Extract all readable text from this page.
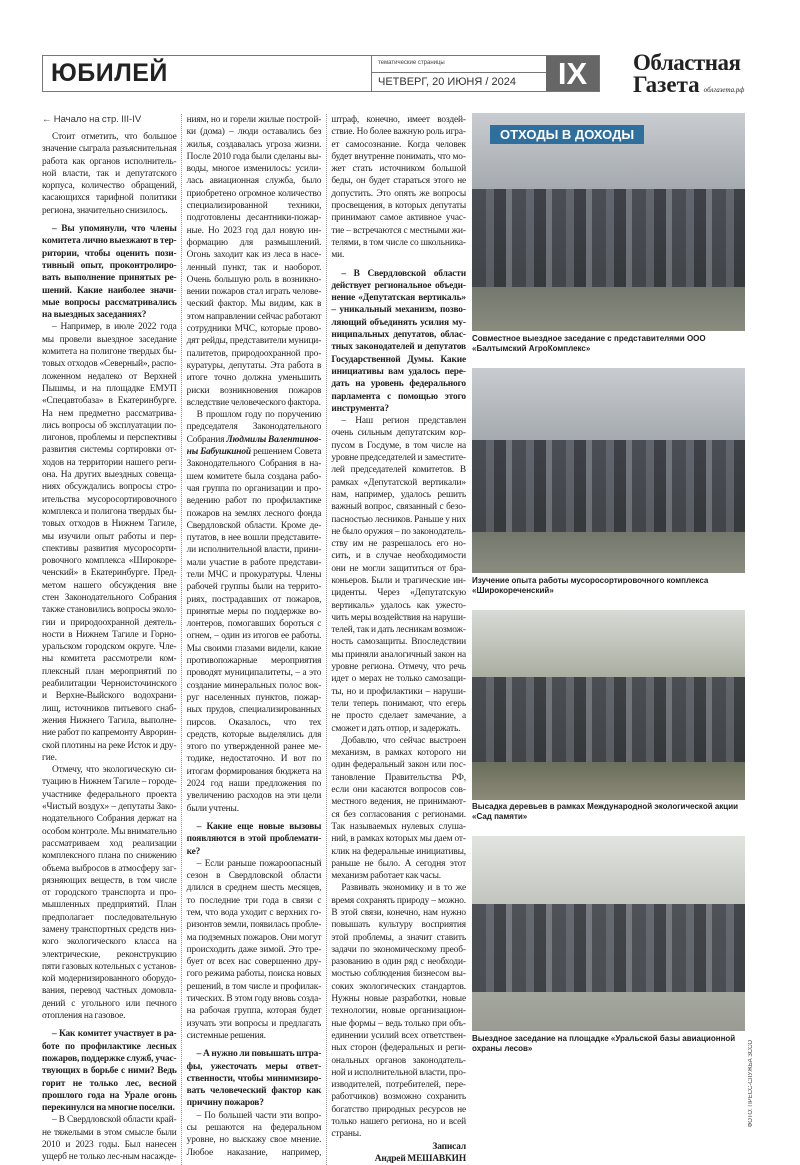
ЮБИЛЕЙ	тематические страницы
ЧЕТВЕРГ, 20 ИЮНЯ / 2024	IX	Областная
Газета облгазета.рф
← Начало на стр. III-IV

Стоит отметить, что большое значение сыграла разъяснительная работа как органов исполнительной власти, так и депутатского корпуса, количество обращений, касающихся тарифной политики региона, значительно снизилось.

– Вы упомянули, что члены комитета лично выезжают в территории, чтобы оценить позитивный опыт, проконтролировать выполнение принятых решений. Какие наиболее значимые вопросы рассматривались на выездных заседаниях?

– Например, в июле 2022 года мы провели выездное заседание комитета на полигоне твердых бытовых отходов «Северный», расположенном недалеко от Верхней Пышмы, и на площадке ЕМУП «Спецавтобаза» в Екатеринбурге. На нем предметно рассматривались вопросы об эксплуатации полигонов, проблемы и перспективы развития системы сортировки отходов на территории нашего региона. На других выездных совещаниях обсуждались вопросы строительства мусоросортировочного комплекса и полигона твердых бытовых отходов в Нижнем Тагиле, мы изучили опыт работы и перспективы развития мусоросортировочного комплекса «Широкореченский» в Екатеринбурге. Предметом нашего обсуждения вне стен Законодательного Собрания также становились вопросы экологии и природоохранной деятельности в Нижнем Тагиле и Горноуральском городском округе. Члены комитета рассмотрели комплексный план мероприятий по реабилитации Черноисточинского и Верхне-Выйского водохранилищ, источников питьевого снабжения Нижнего Тагила, выполнение работ по капремонту Авроринской плотины на реке Исток и другие.

Отмечу, что экологическую ситуацию в Нижнем Тагиле – городе-участнике федерального проекта «Чистый воздух» – депутаты Законодательного Собрания держат на особом контроле. Мы внимательно рассматриваем ход реализации комплексного плана по снижению объема выбросов в атмосферу загрязняющих веществ, в том числе от городского транспорта и промышленных предприятий. План предполагает последовательную замену транспортных средств низкого экологического класса на электрические, реконструкцию пяти газовых котельных с установкой модернизированного оборудования, перевод частных домовладений с угольного или печного отопления на газовое.

– Как комитет участвует в работе по профилактике лесных пожаров, поддержке служб, участвующих в борьбе с ними? Ведь горит не только лес, весной прошлого года на Урале огонь перекинулся на многие поселки.

– В Свердловской области крайне тяжелыми в этом смысле были 2010 и 2023 годы. Был нанесен ущерб не только лес-ным насаждениям, но и горели жилые постройки (дома) – люди оставались без жилья, создавалась угроза жизни. После 2010 года были сделаны выводы, многое изменилось: усилилась авиационная служба, было приобретено огромное количество специализированной техники, подготовлены десантники-пожарные. Но 2023 год дал новую информацию для размышлений. Огонь заходит как из леса в населенный пункт, так и наоборот. Очень большую роль в возникновении пожаров стал играть человеческий фактор. Мы видим, как в этом направлении сейчас работают сотрудники МЧС, которые проводят рейды, представители муниципалитетов, природоохранной прокуратуры, депутаты. Эта работа в итоге точно должна уменьшить риски возникновения пожаров вследствие человеческого фактора.

В прошлом году по поручению председателя Законодательного Собрания Людмилы Валентиновны Бабушкиной решением Совета Законодательного Собрания в нашем комитете была создана рабочая группа по организации и проведению работ по профилактике пожаров на землях лесного фонда Свердловской области. Кроме депутатов, в нее вошли представители исполнительной власти, принимали участие в работе представители МЧС и прокуратуры. Члены рабочей группы были на территориях, пострадавших от пожаров, принятые меры по поддержке волонтеров, помогавших бороться с огнем, – один из итогов ее работы. Мы своими глазами видели, какие противопожарные мероприятия проводят муниципалитеты, – а это создание минеральных полос вокруг населенных пунктов, пожарных прудов, специализированных пирсов. Оказалось, что тех средств, которые выделялись для этого по утвержденной ранее методике, недостаточно. И вот по итогам формирования бюджета на 2024 год наши предложения по увеличению расходов на эти цели были учтены.

– Какие еще новые вызовы появляются в этой проблематике?

– Если раньше пожароопасный сезон в Свердловской области длился в среднем шесть месяцев, то последние три года в связи с тем, что вода уходит с верхних горизонтов земли, появилась проблема подземных пожаров. Они могут происходить даже зимой. Это требует от всех нас совершенно другого режима работы, поиска новых решений, в том числе и профилактических. В этом году вновь создана рабочая группа, которая будет изучать эти вопросы и предлагать системные решения.

– А нужно ли повышать штрафы, ужесточать меры ответственности, чтобы минимизировать человеческий фактор как причину пожаров?

– По большей части эти вопросы решаются на федеральном уровне, но выскажу свое мнение. Любое наказание, например, штраф, конечно, имеет воздействие. Но более важную роль играет самосознание. Когда человек будет внутренне понимать, что может стать источником большой беды, он будет стараться этого не допустить. Это опять же вопросы просвещения, в которых депутаты принимают самое активное участие – встречаются с местными жителями, в том числе со школьниками.

– В Свердловской области действует региональное объединение «Депутатская вертикаль» – уникальный механизм, позволяющий объединять усилия муниципальных депутатов, областных законодателей и депутатов Государственной Думы. Какие инициативы вам удалось передать на уровень федерального парламента с помощью этого инструмента?

– Наш регион представлен очень сильным депутатским корпусом в Госдуме, в том числе на уровне председателей и заместителей председателей комитетов. В рамках «Депутатской вертикали» нам, например, удалось решить важный вопрос, связанный с безопасностью лесников. Раньше у них не было оружия – по законодательству им не разрешалось его носить, и в случае необходимости они не могли защититься от браконьеров. Были и трагические инциденты. Через «Депутатскую вертикаль» удалось как ужесточить меры воздействия на нарушителей, так и дать лесникам возможность самозащиты. Впоследствии мы приняли аналогичный закон на уровне региона. Отмечу, что речь идет о мерах не только самозащиты, но и профилактики – нарушители теперь понимают, что егерь не просто сделает замечание, а сможет и дать отпор, и задержать.

Добавлю, что сейчас выстроен механизм, в рамках которого ни один федеральный закон или постановление Правительства РФ, если они касаются вопросов совместного ведения, не принимаются без согласования с регионами. Так называемых нулевых слушаний, в рамках которых мы даем отклик на федеральные инициативы, раньше не было. А сегодня этот механизм работает как часы.

Развивать экономику и в то же время сохранять природу – можно. В этой связи, конечно, нам нужно повышать культуру восприятия этой проблемы, а значит ставить задачи по экономическому преобразованию в один ряд с необходимостью соблюдения бизнесом высоких экологических стандартов. Нужны новые разработки, новые технологии, новые организационные формы – ведь только при объединении усилий всех ответственных сторон (федеральных и региональных органов законодательной и исполнительной власти, производителей, потребителей, переработчиков) возможно сохранить богатство природных ресурсов не только нашего региона, но и всей страны.

Записал
Андрей МЕШАВКИН
ОТХОДЫ В ДОХОДЫ
Совместное выездное заседание с представителями ООО «Балтымский АгроКомплекс»
Изучение опыта работы мусоросортировочного комплекса «Широкореченский»
Высадка деревьев в рамках Международной экологической акции «Сад памяти»
Выездное заседание на площадке «Уральской базы авиационной охраны лесов»	ФОТО: ПРЕСС-СЛУЖБА ЗССО
